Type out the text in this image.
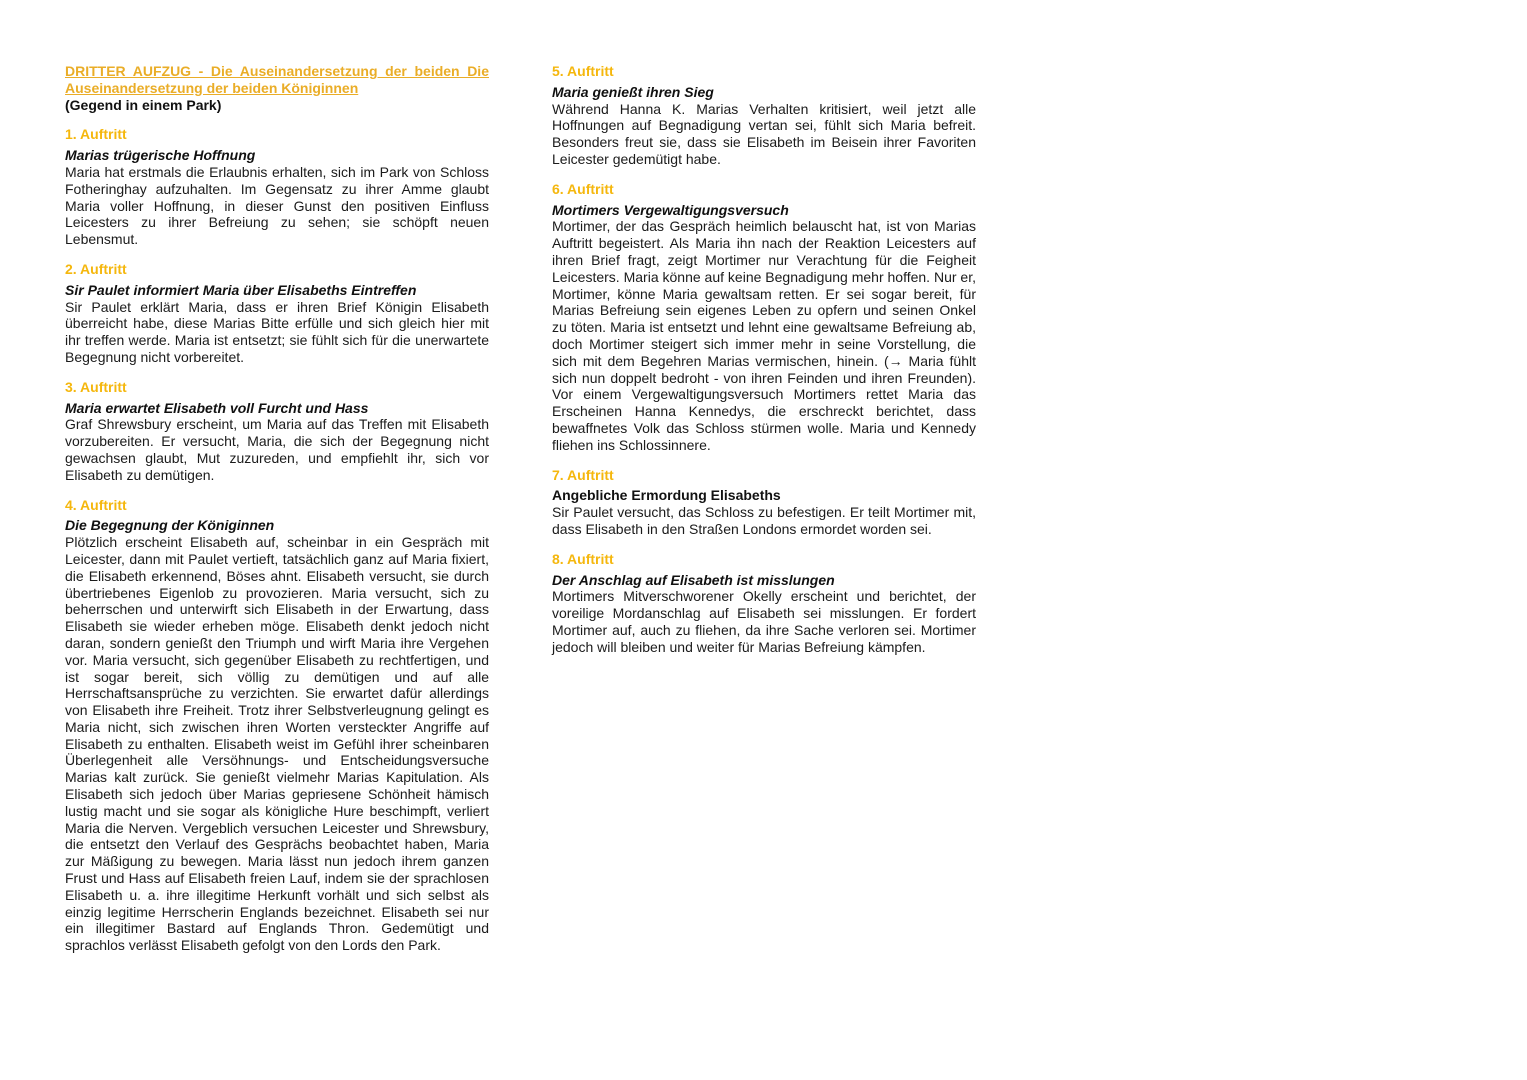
DRITTER AUFZUG - Die Auseinandersetzung der beiden Die
Auseinandersetzung der beiden Königinnen
(Gegend in einem Park)
1. Auftritt
Marias trügerische Hoffnung

Maria hat erstmals die Erlaubnis erhalten, sich im Park von Schloss Fotheringhay aufzuhalten. Im Gegensatz zu ihrer Amme glaubt Maria voller Hoffnung, in dieser Gunst den positiven Einfluss Leicesters zu ihrer Befreiung zu sehen; sie schöpft neuen Lebensmut.

2. Auftritt
Sir Paulet informiert Maria über Elisabeths Eintreffen

Sir Paulet erklärt Maria, dass er ihren Brief Königin Elisabeth überreicht habe, diese Marias Bitte erfülle und sich gleich hier mit ihr treffen werde. Maria ist entsetzt; sie fühlt sich für die unerwartete Begegnung nicht vorbereitet.

3. Auftritt
Maria erwartet Elisabeth voll Furcht und Hass

Graf Shrewsbury erscheint, um Maria auf das Treffen mit Elisabeth vorzubereiten. Er versucht, Maria, die sich der Begegnung nicht gewachsen glaubt, Mut zuzureden, und empfiehlt ihr, sich vor Elisabeth zu demütigen.

4. Auftritt
Die Begegnung der Königinnen

Plötzlich erscheint Elisabeth auf, scheinbar in ein Gespräch mit Leicester, dann mit Paulet vertieft, tatsächlich ganz auf Maria fixiert, die Elisabeth erkennend, Böses ahnt. Elisabeth versucht, sie durch übertriebenes Eigenlob zu provozieren. Maria versucht, sich zu beherrschen und unterwirft sich Elisabeth in der Erwartung, dass Elisabeth sie wieder erheben möge. Elisabeth denkt jedoch nicht daran, sondern genießt den Triumph und wirft Maria ihre Vergehen vor. Maria versucht, sich gegenüber Elisabeth zu rechtfertigen, und ist sogar bereit, sich völlig zu demütigen und auf alle Herrschaftsansprüche zu verzichten. Sie erwartet dafür allerdings von Elisabeth ihre Freiheit. Trotz ihrer Selbstverleugnung gelingt es Maria nicht, sich zwischen ihren Worten versteckter Angriffe auf Elisabeth zu enthalten. Elisabeth weist im Gefühl ihrer scheinbaren Überlegenheit alle Versöhnungs- und Entscheidungsversuche Marias kalt zurück. Sie genießt vielmehr Marias Kapitulation. Als Elisabeth sich jedoch über Marias gepriesene Schönheit hämisch lustig macht und sie sogar als königliche Hure beschimpft, verliert Maria die Nerven. Vergeblich versuchen Leicester und Shrewsbury, die entsetzt den Verlauf des Gesprächs beobachtet haben, Maria zur Mäßigung zu bewegen. Maria lässt nun jedoch ihrem ganzen Frust und Hass auf Elisabeth freien Lauf, indem sie der sprachlosen Elisabeth u. a. ihre illegitime Herkunft vorhält und sich selbst als einzig legitime Herrscherin Englands bezeichnet. Elisabeth sei nur ein illegitimer Bastard auf Englands Thron. Gedemütigt und sprachlos verlässt Elisabeth gefolgt von den Lords den Park.

5. Auftritt
Maria genießt ihren Sieg

Während Hanna K. Marias Verhalten kritisiert, weil jetzt alle Hoffnungen auf Begnadigung vertan sei, fühlt sich Maria befreit. Besonders freut sie, dass sie Elisabeth im Beisein ihrer Favoriten Leicester gedemütigt habe.

6. Auftritt
Mortimers Vergewaltigungsversuch

Mortimer, der das Gespräch heimlich belauscht hat, ist von Marias Auftritt begeistert. Als Maria ihn nach der Reaktion Leicesters auf ihren Brief fragt, zeigt Mortimer nur Verachtung für die Feigheit Leicesters. Maria könne auf keine Begnadigung mehr hoffen. Nur er, Mortimer, könne Maria gewaltsam retten. Er sei sogar bereit, für Marias Befreiung sein eigenes Leben zu opfern und seinen Onkel zu töten. Maria ist entsetzt und lehnt eine gewaltsame Befreiung ab, doch Mortimer steigert sich immer mehr in seine Vorstellung, die sich mit dem Begehren Marias vermischen, hinein. (→ Maria fühlt sich nun doppelt bedroht - von ihren Feinden und ihren Freunden). Vor einem Vergewaltigungsversuch Mortimers rettet Maria das Erscheinen Hanna Kennedys, die erschreckt berichtet, dass bewaffnetes Volk das Schloss stürmen wolle. Maria und Kennedy fliehen ins Schlossinnere.

7. Auftritt
Angebliche Ermordung Elisabeths

Sir Paulet versucht, das Schloss zu befestigen. Er teilt Mortimer mit, dass Elisabeth in den Straßen Londons ermordet worden sei.

8. Auftritt
Der Anschlag auf Elisabeth ist misslungen

Mortimers Mitverschworener Okelly erscheint und berichtet, der voreilige Mordanschlag auf Elisabeth sei misslungen. Er fordert Mortimer auf, auch zu fliehen, da ihre Sache verloren sei. Mortimer jedoch will bleiben und weiter für Marias Befreiung kämpfen.
